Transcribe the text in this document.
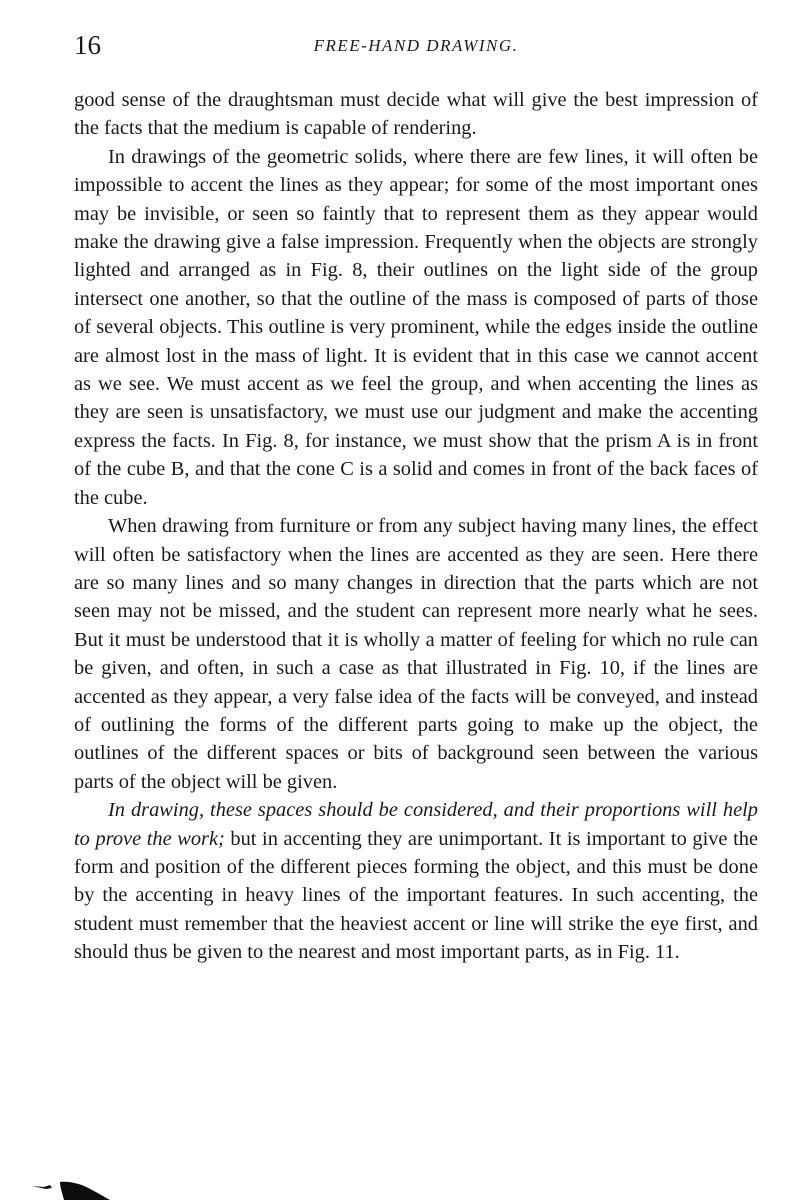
16	FREE-HAND DRAWING.

good sense of the draughtsman must decide what will give the best impression of the facts that the medium is capable of rendering.

In drawings of the geometric solids, where there are few lines, it will often be impossible to accent the lines as they appear; for some of the most important ones may be invisible, or seen so faintly that to represent them as they appear would make the drawing give a false impression. Frequently when the objects are strongly lighted and arranged as in Fig. 8, their outlines on the light side of the group intersect one another, so that the outline of the mass is composed of parts of those of several objects. This outline is very prominent, while the edges inside the outline are almost lost in the mass of light. It is evident that in this case we cannot accent as we see. We must accent as we feel the group, and when accenting the lines as they are seen is unsatisfactory, we must use our judgment and make the accenting express the facts. In Fig. 8, for instance, we must show that the prism A is in front of the cube B, and that the cone C is a solid and comes in front of the back faces of the cube.

When drawing from furniture or from any subject having many lines, the effect will often be satisfactory when the lines are accented as they are seen. Here there are so many lines and so many changes in direction that the parts which are not seen may not be missed, and the student can represent more nearly what he sees. But it must be understood that it is wholly a matter of feeling for which no rule can be given, and often, in such a case as that illustrated in Fig. 10, if the lines are accented as they appear, a very false idea of the facts will be conveyed, and instead of outlining the forms of the different parts going to make up the object, the outlines of the different spaces or bits of background seen between the various parts of the object will be given.

In drawing, these spaces should be considered, and their proportions will help to prove the work; but in accenting they are unimportant. It is important to give the form and position of the different pieces forming the object, and this must be done by the accenting in heavy lines of the important features. In such accenting, the student must remember that the heaviest accent or line will strike the eye first, and should thus be given to the nearest and most important parts, as in Fig. 11.
